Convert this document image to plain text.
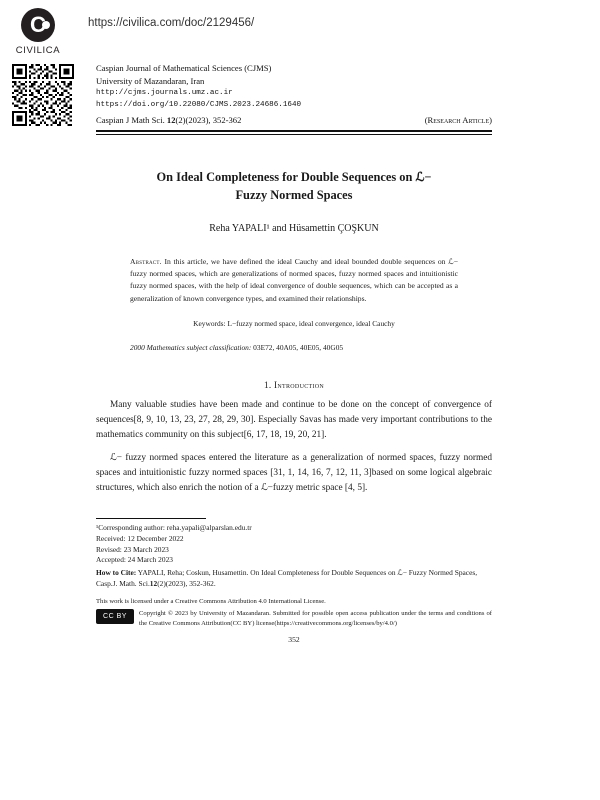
C
CIVILICA
https://civilica.com/doc/2129456/
Caspian Journal of Mathematical Sciences (CJMS)
University of Mazandaran, Iran
http://cjms.journals.umz.ac.ir
https://doi.org/10.22080/CJMS.2023.24686.1640
Caspian J Math Sci. 12(2)(2023), 352-362	(Research Article)
On Ideal Completeness for Double Sequences on ℒ−
Fuzzy Normed Spaces
Reha YAPALI¹ and Hüsamettin ÇOŞKUN
Abstract. In this article, we have defined the ideal Cauchy and ideal bounded double sequences on ℒ− fuzzy normed spaces, which are generalizations of normed spaces, fuzzy normed spaces and intuitionistic fuzzy normed spaces, with the help of ideal convergence of double sequences, which can be accepted as a generalization of known convergence types, and examined their relationships.
Keywords: L−fuzzy normed space, ideal convergence, ideal Cauchy
2000 Mathematics subject classification: 03E72, 40A05, 40E05, 40G05
1. Introduction
Many valuable studies have been made and continue to be done on the concept of convergence of sequences[8, 9, 10, 13, 23, 27, 28, 29, 30]. Especially Savas has made very important contributions to the mathematics community on this subject[6, 17, 18, 19, 20, 21].
ℒ− fuzzy normed spaces entered the literature as a generalization of normed spaces, fuzzy normed spaces and intuitionistic fuzzy normed spaces [31, 1, 14, 16, 7, 12, 11, 3]based on some logical algebraic structures, which also enrich the notion of a ℒ−fuzzy metric space [4, 5].
¹Corresponding author: reha.yapali@alparslan.edu.tr
Received: 12 December 2022
Revised: 23 March 2023
Accepted: 24 March 2023
How to Cite: YAPALI, Reha; Coskun, Husamettin. On Ideal Completeness for Double Sequences on ℒ− Fuzzy Normed Spaces, Casp.J. Math. Sci.12(2)(2023), 352-362.
This work is licensed under a Creative Commons Attribution 4.0 International License.
CC BY	Copyright © 2023 by University of Mazandaran. Submitted for possible open access publication under the terms and conditions of the Creative Commons Attribution(CC BY) license(https://creativecommons.org/licenses/by/4.0/)
352
